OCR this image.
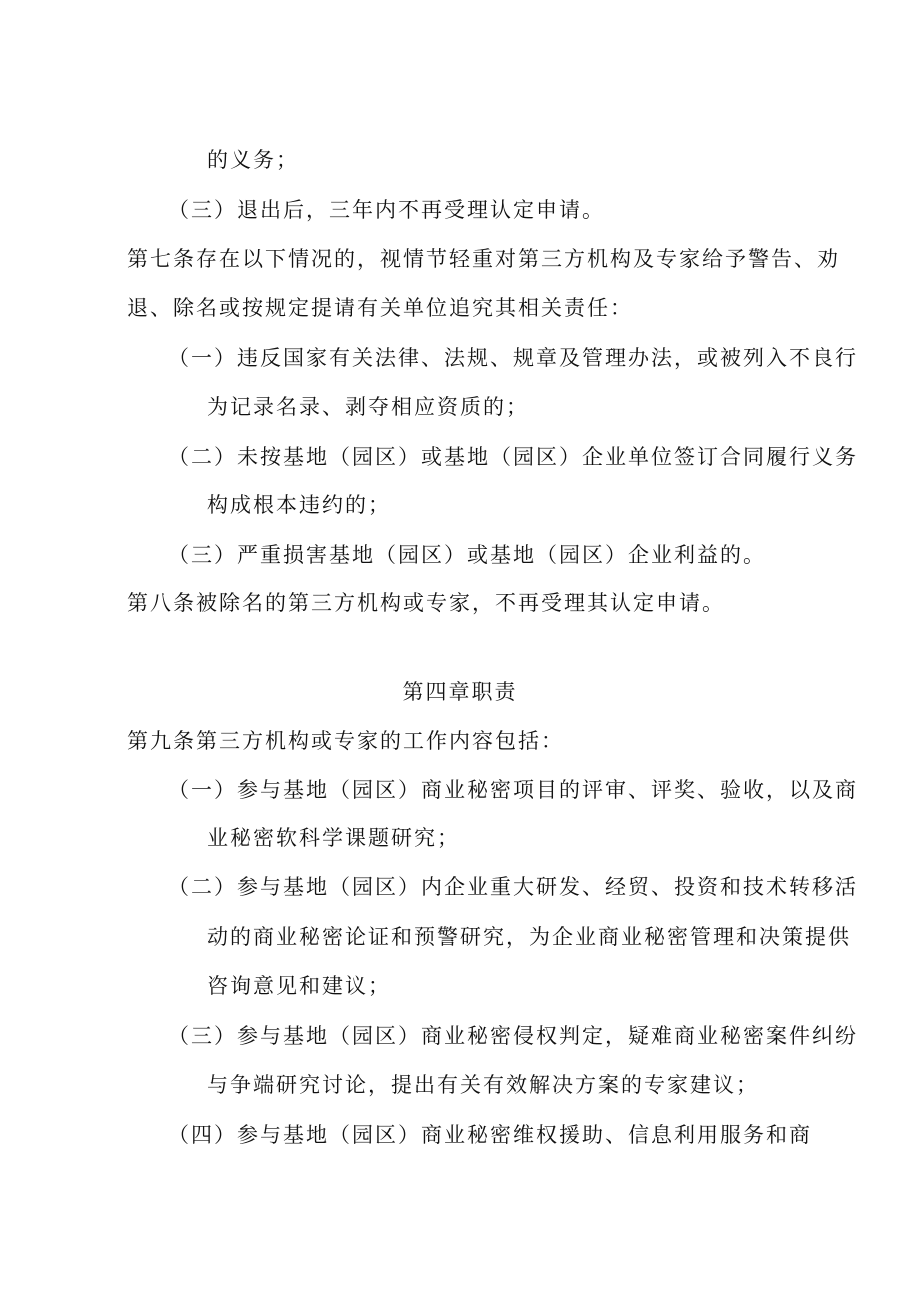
的义务；
（三）退出后，三年内不再受理认定申请。
第七条存在以下情况的，视情节轻重对第三方机构及专家给予警告、劝
退、除名或按规定提请有关单位追究其相关责任：
（一）违反国家有关法律、法规、规章及管理办法，或被列入不良行
为记录名录、剥夺相应资质的；
（二）未按基地（园区）或基地（园区）企业单位签订合同履行义务
构成根本违约的；
（三）严重损害基地（园区）或基地（园区）企业利益的。
第八条被除名的第三方机构或专家，不再受理其认定申请。
第四章职责
第九条第三方机构或专家的工作内容包括：
（一）参与基地（园区）商业秘密项目的评审、评奖、验收，以及商
业秘密软科学课题研究；
（二）参与基地（园区）内企业重大研发、经贸、投资和技术转移活
动的商业秘密论证和预警研究，为企业商业秘密管理和决策提供
咨询意见和建议；
（三）参与基地（园区）商业秘密侵权判定，疑难商业秘密案件纠纷
与争端研究讨论，提出有关有效解决方案的专家建议；
（四）参与基地（园区）商业秘密维权援助、信息利用服务和商
